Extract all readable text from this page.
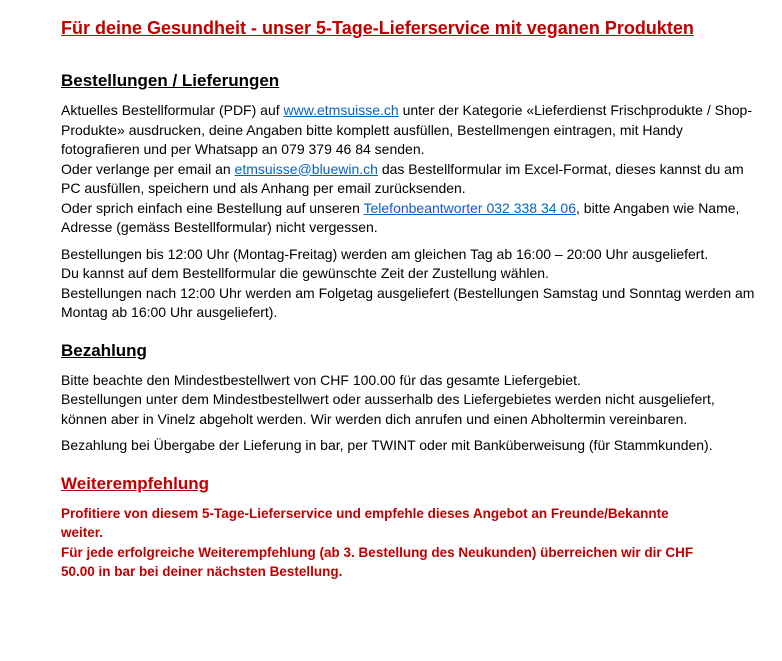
Für deine Gesundheit - unser 5-Tage-Lieferservice mit veganen Produkten
Bestellungen / Lieferungen

Aktuelles Bestellformular (PDF) auf www.etmsuisse.ch unter der Kategorie «Lieferdienst Frischprodukte / Shop-Produkte» ausdrucken, deine Angaben bitte komplett ausfüllen, Bestellmengen eintragen, mit Handy fotografieren und per Whatsapp an 079 379 46 84 senden.

Oder verlange per email an etmsuisse@bluewin.ch das Bestellformular im Excel-Format, dieses kannst du am PC ausfüllen, speichern und als Anhang per email zurücksenden.

Oder sprich einfach eine Bestellung auf unseren Telefonbeantworter 032 338 34 06, bitte Angaben wie Name, Adresse (gemäss Bestellformular) nicht vergessen.

Bestellungen bis 12:00 Uhr (Montag-Freitag) werden am gleichen Tag ab 16:00 – 20:00 Uhr ausgeliefert.

Du kannst auf dem Bestellformular die gewünschte Zeit der Zustellung wählen.

Bestellungen nach 12:00 Uhr werden am Folgetag ausgeliefert (Bestellungen Samstag und Sonntag werden am Montag ab 16:00 Uhr ausgeliefert).

Bezahlung

Bitte beachte den Mindestbestellwert von CHF 100.00 für das gesamte Liefergebiet.

Bestellungen unter dem Mindestbestellwert oder ausserhalb des Liefergebietes werden nicht ausgeliefert, können aber in Vinelz abgeholt werden. Wir werden dich anrufen und einen Abholtermin vereinbaren.

Bezahlung bei Übergabe der Lieferung in bar, per TWINT oder mit Banküberweisung (für Stammkunden).

Weiterempfehlung

Profitiere von diesem 5-Tage-Lieferservice und empfehle dieses Angebot an Freunde/Bekannte weiter.

Für jede erfolgreiche Weiterempfehlung (ab 3. Bestellung des Neukunden) überreichen wir dir CHF 50.00 in bar bei deiner nächsten Bestellung.
